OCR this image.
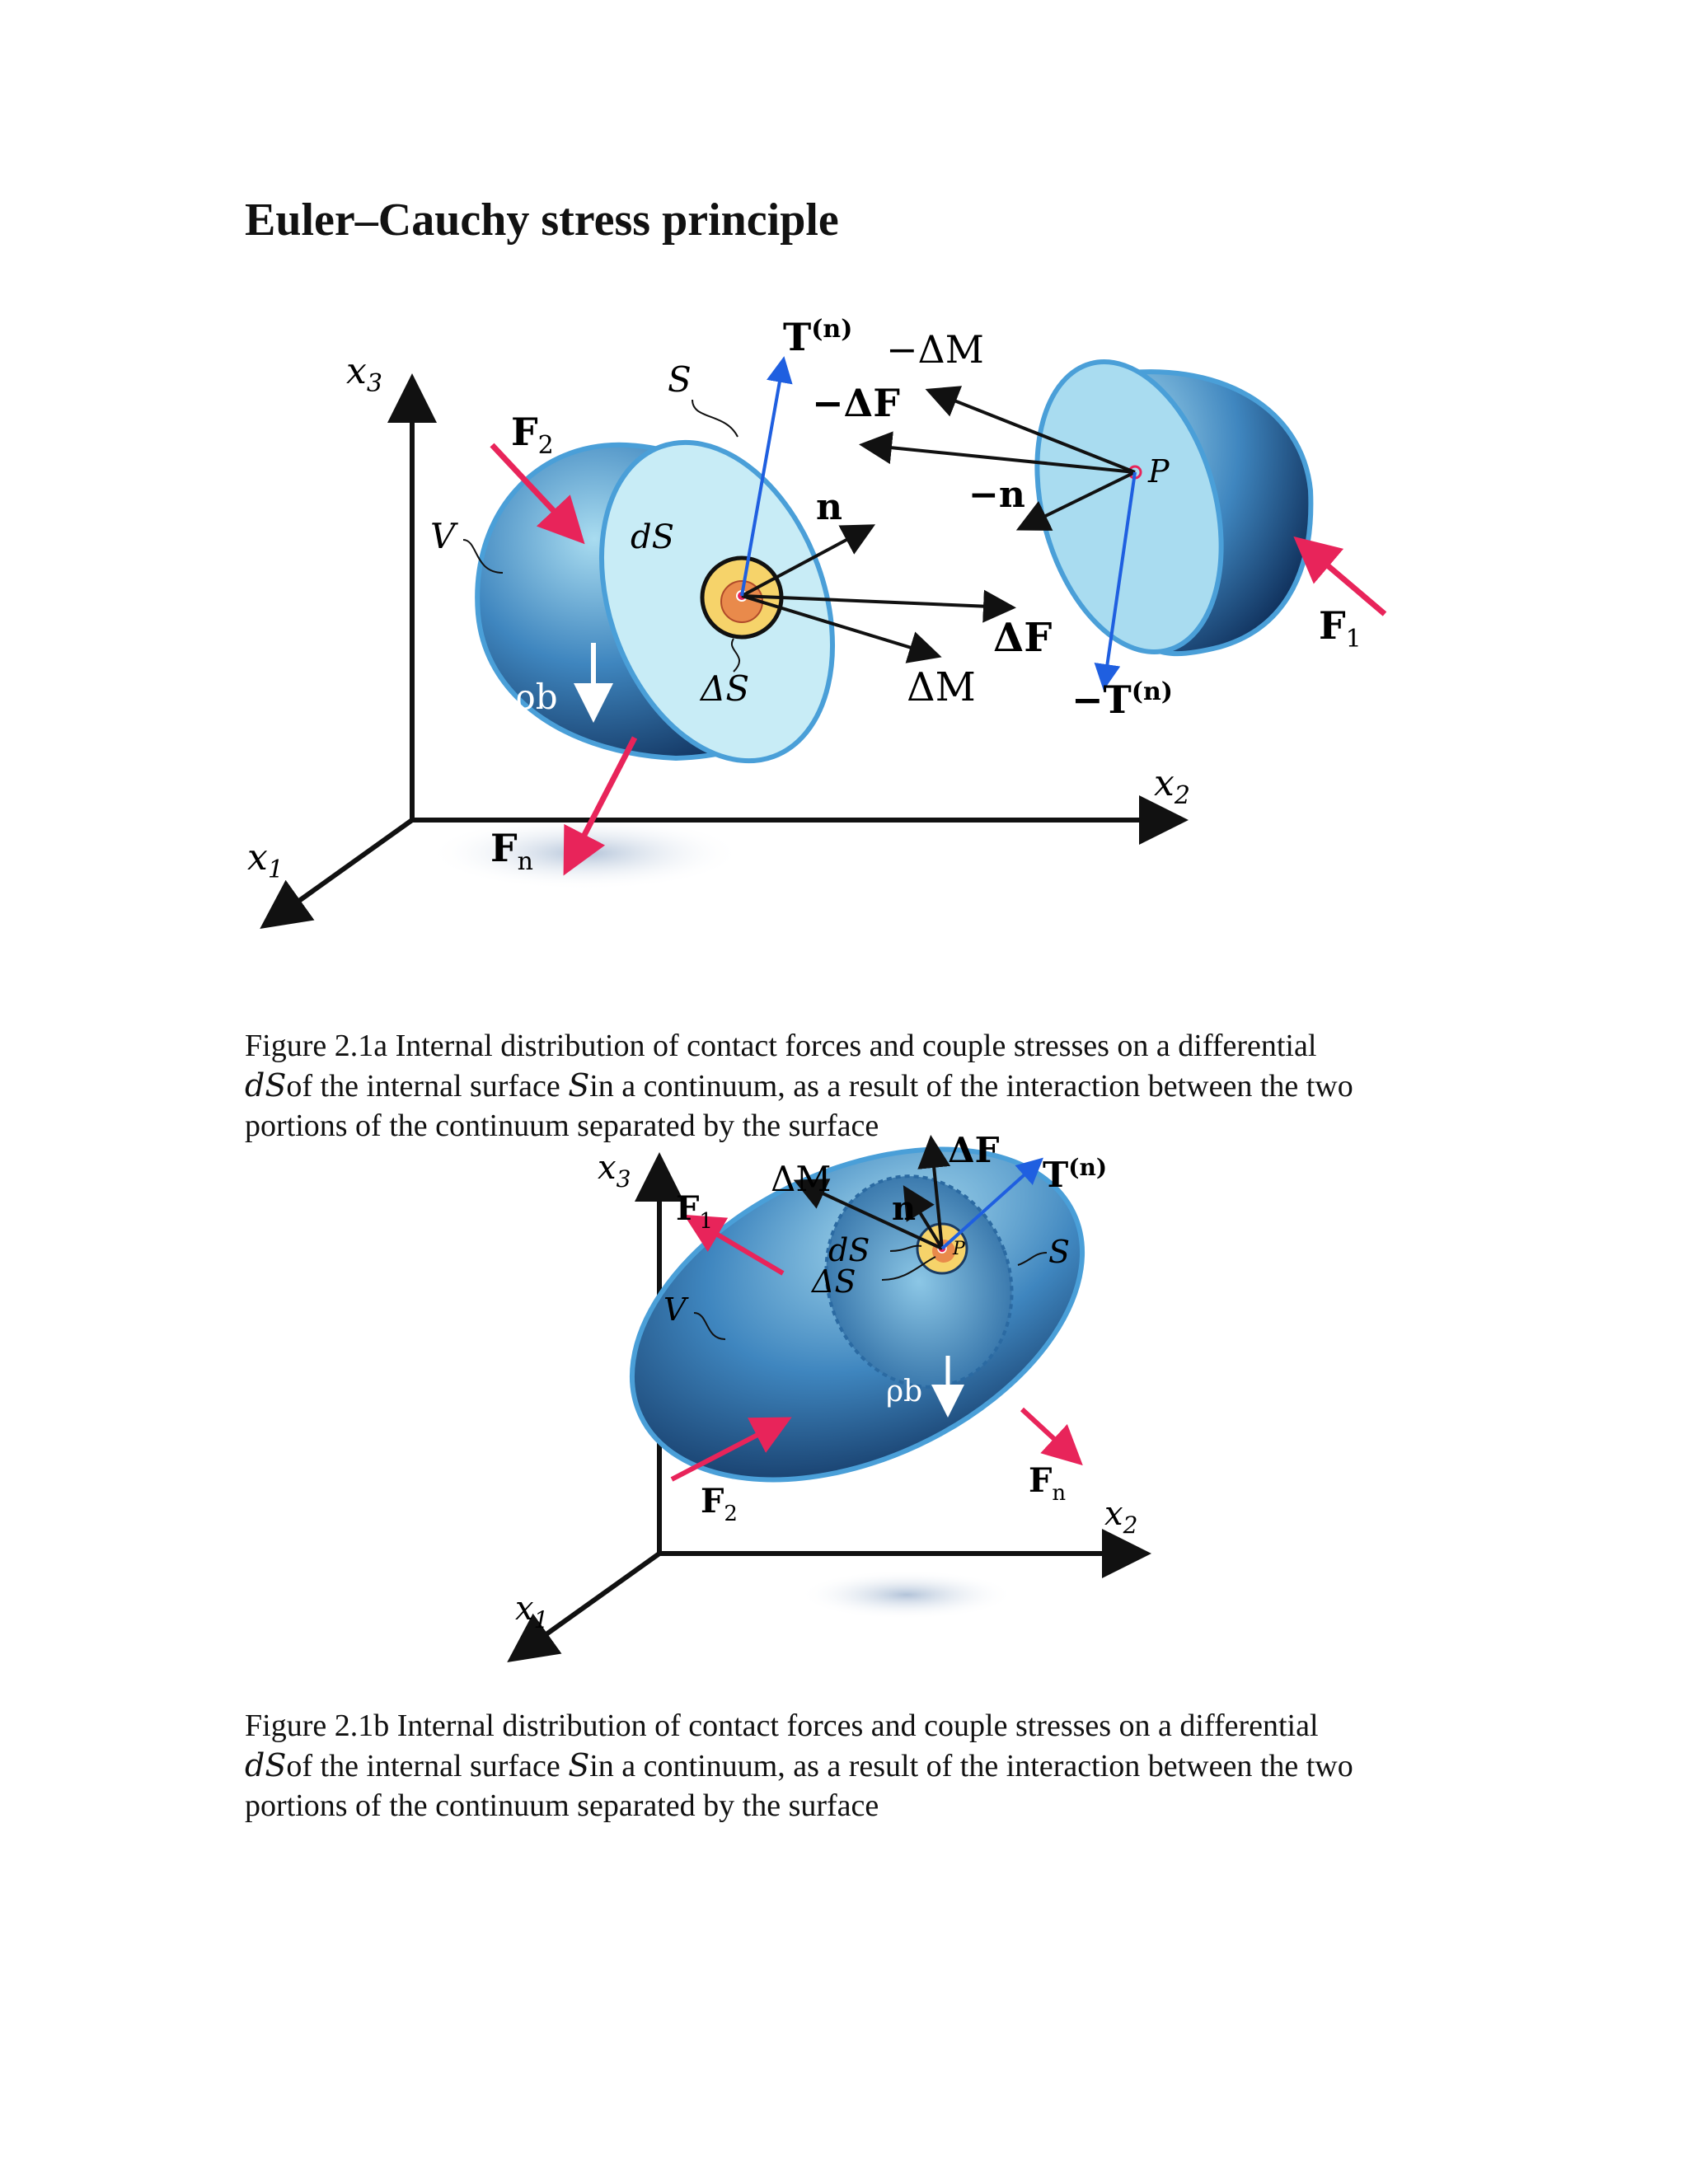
Euler–Cauchy stress principle
$x_3$
$x_2$
$x_1$
$F_2$
$F_1$
$F_n$
V
S
dS
ρb	ΔS
n
$T^{(n)} -\Delta M$
−ΔF
−n
P
ΔF
ΔM	$-T^{(n)}$

Figure 2.1a Internal distribution of contact forces and couple stresses on a differential
dSof the internal surface Sin a continuum, as a result of the interaction between the two
portions of the continuum separated by the surface

$x_3$
$x_2$
$x_1$
$F_1$
$F_2$
$F_n$
ΔM
n
ΔF
$T^{(n)}$
dS
ΔS
S
V
P
ρb

Figure 2.1b Internal distribution of contact forces and couple stresses on a differential
dSof the internal surface Sin a continuum, as a result of the interaction between the two
portions of the continuum separated by the surface
